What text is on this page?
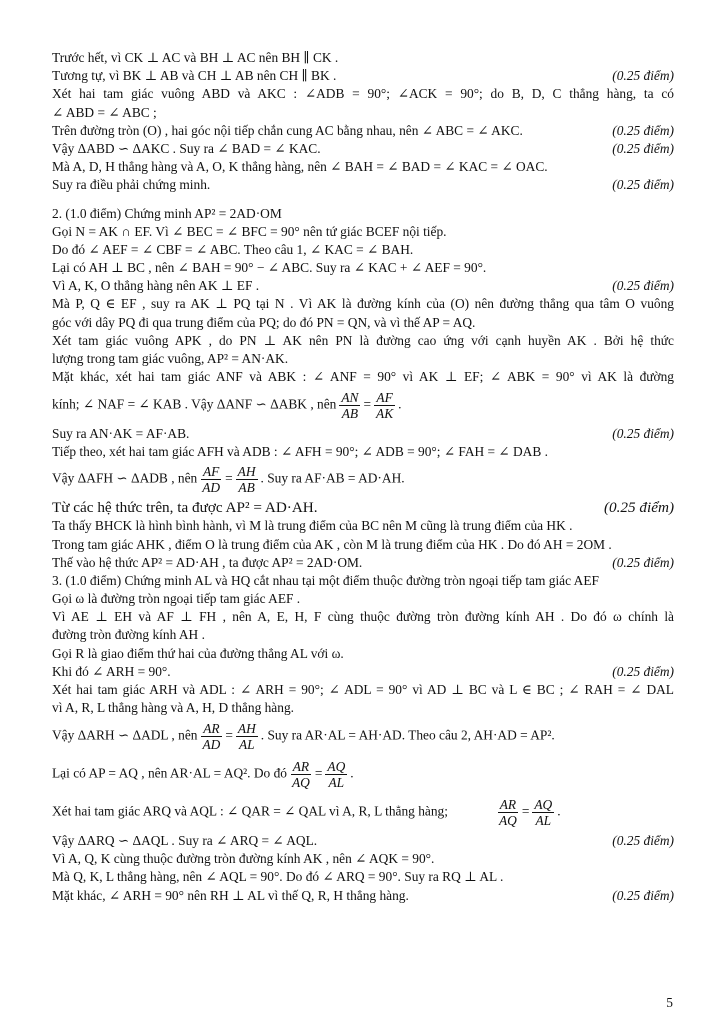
Trước hết, vì CK ⊥ AC và BH ⊥ AC nên BH ∥ CK .
Tương tự, vì BK ⊥ AB và CH ⊥ AB nên CH ∥ BK .	(0.25 điểm)
Xét hai tam giác vuông ABD và AKC : ∠ADB = 90°; ∠ACK = 90°; do B, D, C thẳng hàng, ta có
∠ ABD = ∠ ABC ;
Trên đường tròn (O) , hai góc nội tiếp chắn cung AC bằng nhau, nên ∠ ABC = ∠ AKC.	(0.25 điểm)
Vậy ΔABD ∽ ΔAKC . Suy ra ∠ BAD = ∠ KAC.	(0.25 điểm)
Mà A, D, H thẳng hàng và A, O, K thẳng hàng, nên ∠ BAH = ∠ BAD = ∠ KAC = ∠ OAC.
Suy ra điều phải chứng minh.	(0.25 điểm)
2. (1.0 điểm) Chứng minh AP² = 2AD·OM
Gọi N = AK ∩ EF. Vì ∠ BEC = ∠ BFC = 90° nên tứ giác BCEF nội tiếp.
Do đó ∠ AEF = ∠ CBF = ∠ ABC. Theo câu 1, ∠ KAC = ∠ BAH.
Lại có AH ⊥ BC , nên ∠ BAH = 90° − ∠ ABC. Suy ra ∠ KAC + ∠ AEF = 90°.
Vì A, K, O thẳng hàng nên AK ⊥ EF .	(0.25 điểm)
Mà P, Q ∈ EF , suy ra AK ⊥ PQ tại N . Vì AK là đường kính của (O) nên đường thẳng qua tâm O vuông
góc với dây PQ đi qua trung điểm của PQ; do đó PN = QN, và vì thế AP = AQ.
Xét tam giác vuông APK , do PN ⊥ AK nên PN là đường cao ứng với cạnh huyền AK . Bởi hệ thức
lượng trong tam giác vuông, AP² = AN·AK.
Mặt khác, xét hai tam giác ANF và ABK : ∠ ANF = 90° vì AK ⊥ EF; ∠ ABK = 90° vì AK là đường
kính; ∠ NAF = ∠ KAB . Vậy ΔANF ∽ ΔABK , nên $\frac{AN}{AB} = \frac{AF}{AK}$ .
Suy ra AN·AK = AF·AB.	(0.25 điểm)
Tiếp theo, xét hai tam giác AFH và ADB : ∠ AFH = 90°; ∠ ADB = 90°; ∠ FAH = ∠ DAB .
Vậy ΔAFH ∽ ΔADB , nên $\frac{AF}{AD} = \frac{AH}{AB}$ . Suy ra AF·AB = AD·AH.
Từ các hệ thức trên, ta được AP² = AD·AH.	(0.25 điểm)
Ta thấy BHCK là hình bình hành, vì M là trung điểm của BC nên M cũng là trung điểm của HK .
Trong tam giác AHK , điểm O là trung điểm của AK , còn M là trung điểm của HK . Do đó AH = 2OM .
Thế vào hệ thức AP² = AD·AH , ta được AP² = 2AD·OM.	(0.25 điểm)
3. (1.0 điểm) Chứng minh AL và HQ cắt nhau tại một điểm thuộc đường tròn ngoại tiếp tam giác AEF
Gọi ω là đường tròn ngoại tiếp tam giác AEF .
Vì AE ⊥ EH và AF ⊥ FH , nên A, E, H, F cùng thuộc đường tròn đường kính AH . Do đó ω chính là
đường tròn đường kính AH .
Gọi R là giao điểm thứ hai của đường thẳng AL với ω.
Khi đó ∠ ARH = 90°.	(0.25 điểm)
Xét hai tam giác ARH và ADL : ∠ ARH = 90°; ∠ ADL = 90° vì AD ⊥ BC và L ∈ BC ; ∠ RAH = ∠ DAL
vì A, R, L thẳng hàng và A, H, D thẳng hàng.
Vậy ΔARH ∽ ΔADL , nên $\frac{AR}{AD} = \frac{AH}{AL}$ . Suy ra AR·AL = AH·AD. Theo câu 2, AH·AD = AP².
Lại có AP = AQ , nên AR·AL = AQ². Do đó $\frac{AR}{AQ} = \frac{AQ}{AL}$ .
Xét hai tam giác ARQ và AQL : ∠ QAR = ∠ QAL vì A, R, L thẳng hàng;	$\frac{AR}{AQ} = \frac{AQ}{AL}$ .
Vậy ΔARQ ∽ ΔAQL . Suy ra ∠ ARQ = ∠ AQL.	(0.25 điểm)
Vì A, Q, K cùng thuộc đường tròn đường kính AK , nên ∠ AQK = 90°.
Mà Q, K, L thẳng hàng, nên ∠ AQL = 90°. Do đó ∠ ARQ = 90°. Suy ra RQ ⊥ AL .
Mặt khác, ∠ ARH = 90° nên RH ⊥ AL vì thế Q, R, H thẳng hàng.	(0.25 điểm)
5
